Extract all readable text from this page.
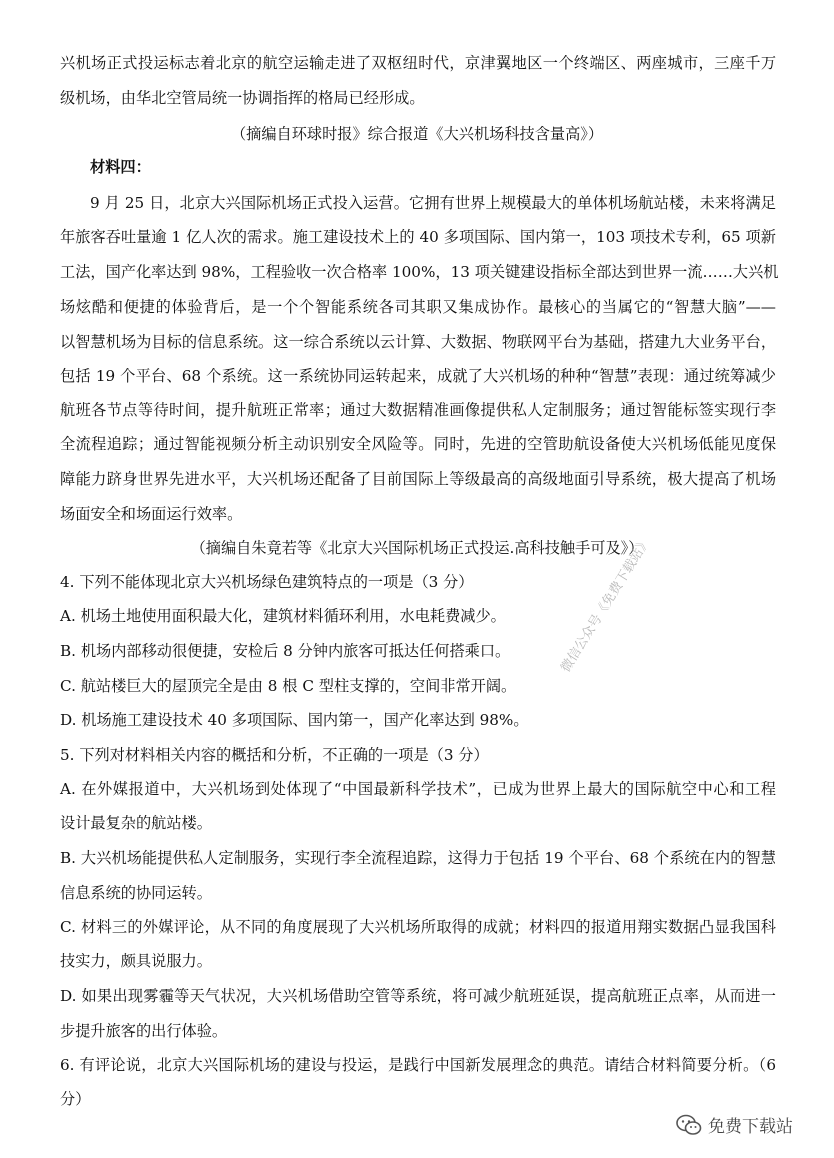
兴机场正式投运标志着北京的航空运输走进了双枢纽时代，京津翼地区一个终端区、两座城市，三座千万
级机场，由华北空管局统一协调指挥的格局已经形成。
（摘编自环球时报》综合报道《大兴机场科技含量高》）
材料四：
9 月 25 日，北京大兴国际机场正式投入运营。它拥有世界上规模最大的单体机场航站楼，未来将满足
年旅客吞吐量逾 1 亿人次的需求。施工建设技术上的 40 多项国际、国内第一，103 项技术专利，65 项新
工法，国产化率达到 98%，工程验收一次合格率 100%，13 项关键建设指标全部达到世界一流……大兴机
场炫酷和便捷的体验背后，是一个个智能系统各司其职又集成协作。最核心的当属它的“智慧大脑”——
以智慧机场为目标的信息系统。这一综合系统以云计算、大数据、物联网平台为基础，搭建九大业务平台，
包括 19 个平台、68 个系统。这一系统协同运转起来，成就了大兴机场的种种“智慧”表现：通过统筹减少
航班各节点等待时间，提升航班正常率；通过大数据精准画像提供私人定制服务；通过智能标签实现行李
全流程追踪；通过智能视频分析主动识别安全风险等。同时，先进的空管助航设备使大兴机场低能见度保
障能力跻身世界先进水平，大兴机场还配备了目前国际上等级最高的高级地面引导系统，极大提高了机场
场面安全和场面运行效率。
（摘编自朱竟若等《北京大兴国际机场正式投运.高科技触手可及》）
4. 下列不能体现北京大兴机场绿色建筑特点的一项是（3 分）
A. 机场土地使用面积最大化，建筑材料循环利用，水电耗费减少。
B. 机场内部移动很便捷，安检后 8 分钟内旅客可抵达任何搭乘口。
C. 航站楼巨大的屋顶完全是由 8 根 C 型柱支撑的，空间非常开阔。
D. 机场施工建设技术 40 多项国际、国内第一，国产化率达到 98%。
5. 下列对材料相关内容的概括和分析，不正确的一项是（3 分）
A. 在外媒报道中，大兴机场到处体现了“中国最新科学技术”，已成为世界上最大的国际航空中心和工程
设计最复杂的航站楼。
B. 大兴机场能提供私人定制服务，实现行李全流程追踪，这得力于包括 19 个平台、68 个系统在内的智慧
信息系统的协同运转。
C. 材料三的外媒评论，从不同的角度展现了大兴机场所取得的成就；材料四的报道用翔实数据凸显我国科
技实力，颇具说服力。
D. 如果出现雾霾等天气状况，大兴机场借助空管等系统，将可减少航班延误，提高航班正点率，从而进一
步提升旅客的出行体验。
6. 有评论说，北京大兴国际机场的建设与投运，是践行中国新发展理念的典范。请结合材料简要分析。（6
分）
微信公众号《免费下载站》
免费下载站
